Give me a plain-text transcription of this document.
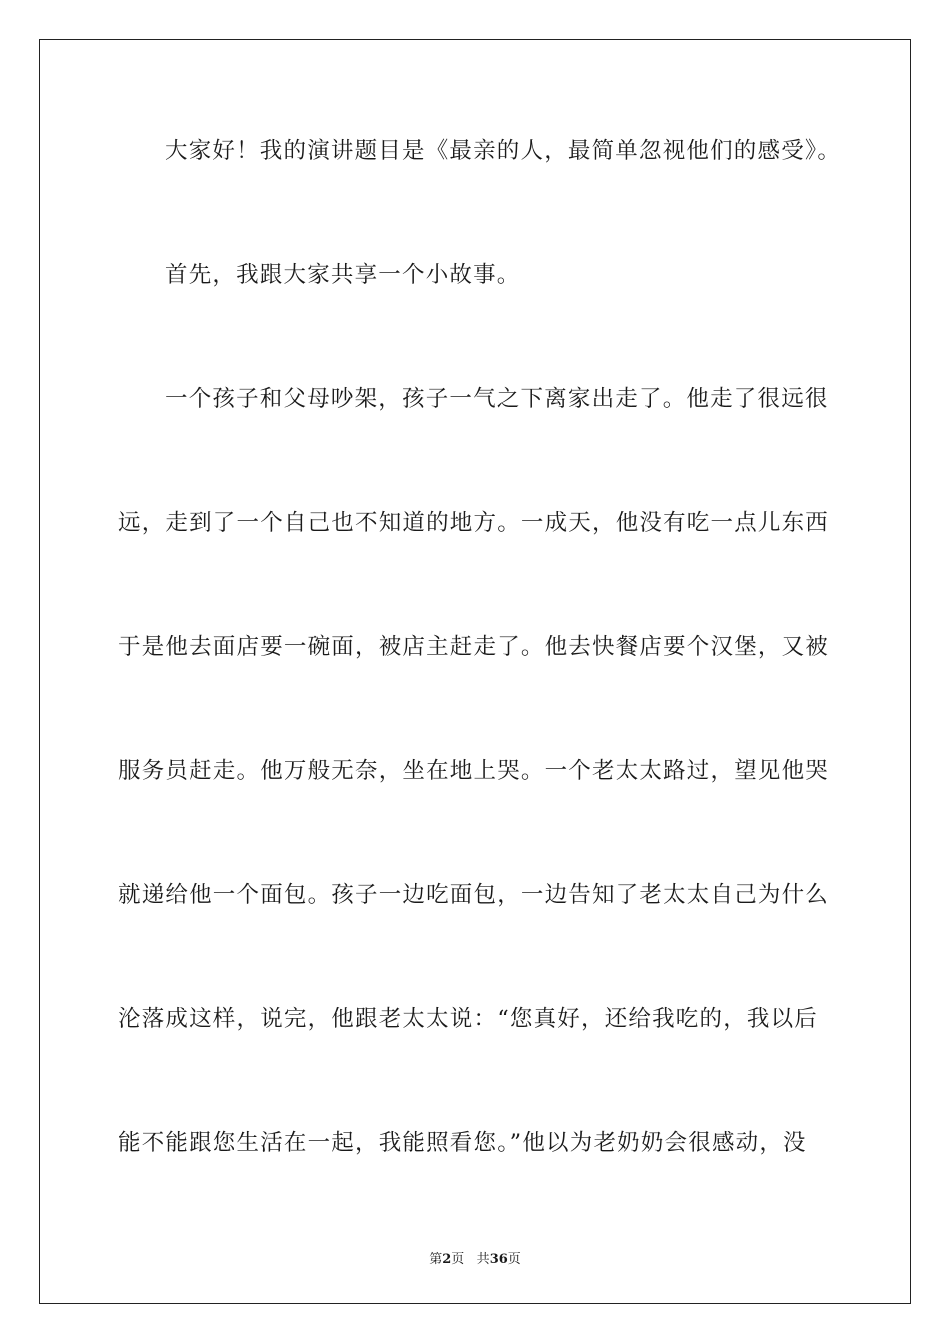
大家好！我的演讲题目是《最亲的人，最简单忽视他们的感受》。
首先，我跟大家共享一个小故事。
一个孩子和父母吵架，孩子一气之下离家出走了。他走了很远很
远，走到了一个自己也不知道的地方。一成天，他没有吃一点儿东西
于是他去面店要一碗面，被店主赶走了。他去快餐店要个汉堡，又被
服务员赶走。他万般无奈，坐在地上哭。一个老太太路过，望见他哭
就递给他一个面包。孩子一边吃面包，一边告知了老太太自己为什么
沦落成这样，说完，他跟老太太说：“您真好，还给我吃的，我以后
能不能跟您生活在一起，我能照看您。”他以为老奶奶会很感动，没
第2页 共36页
